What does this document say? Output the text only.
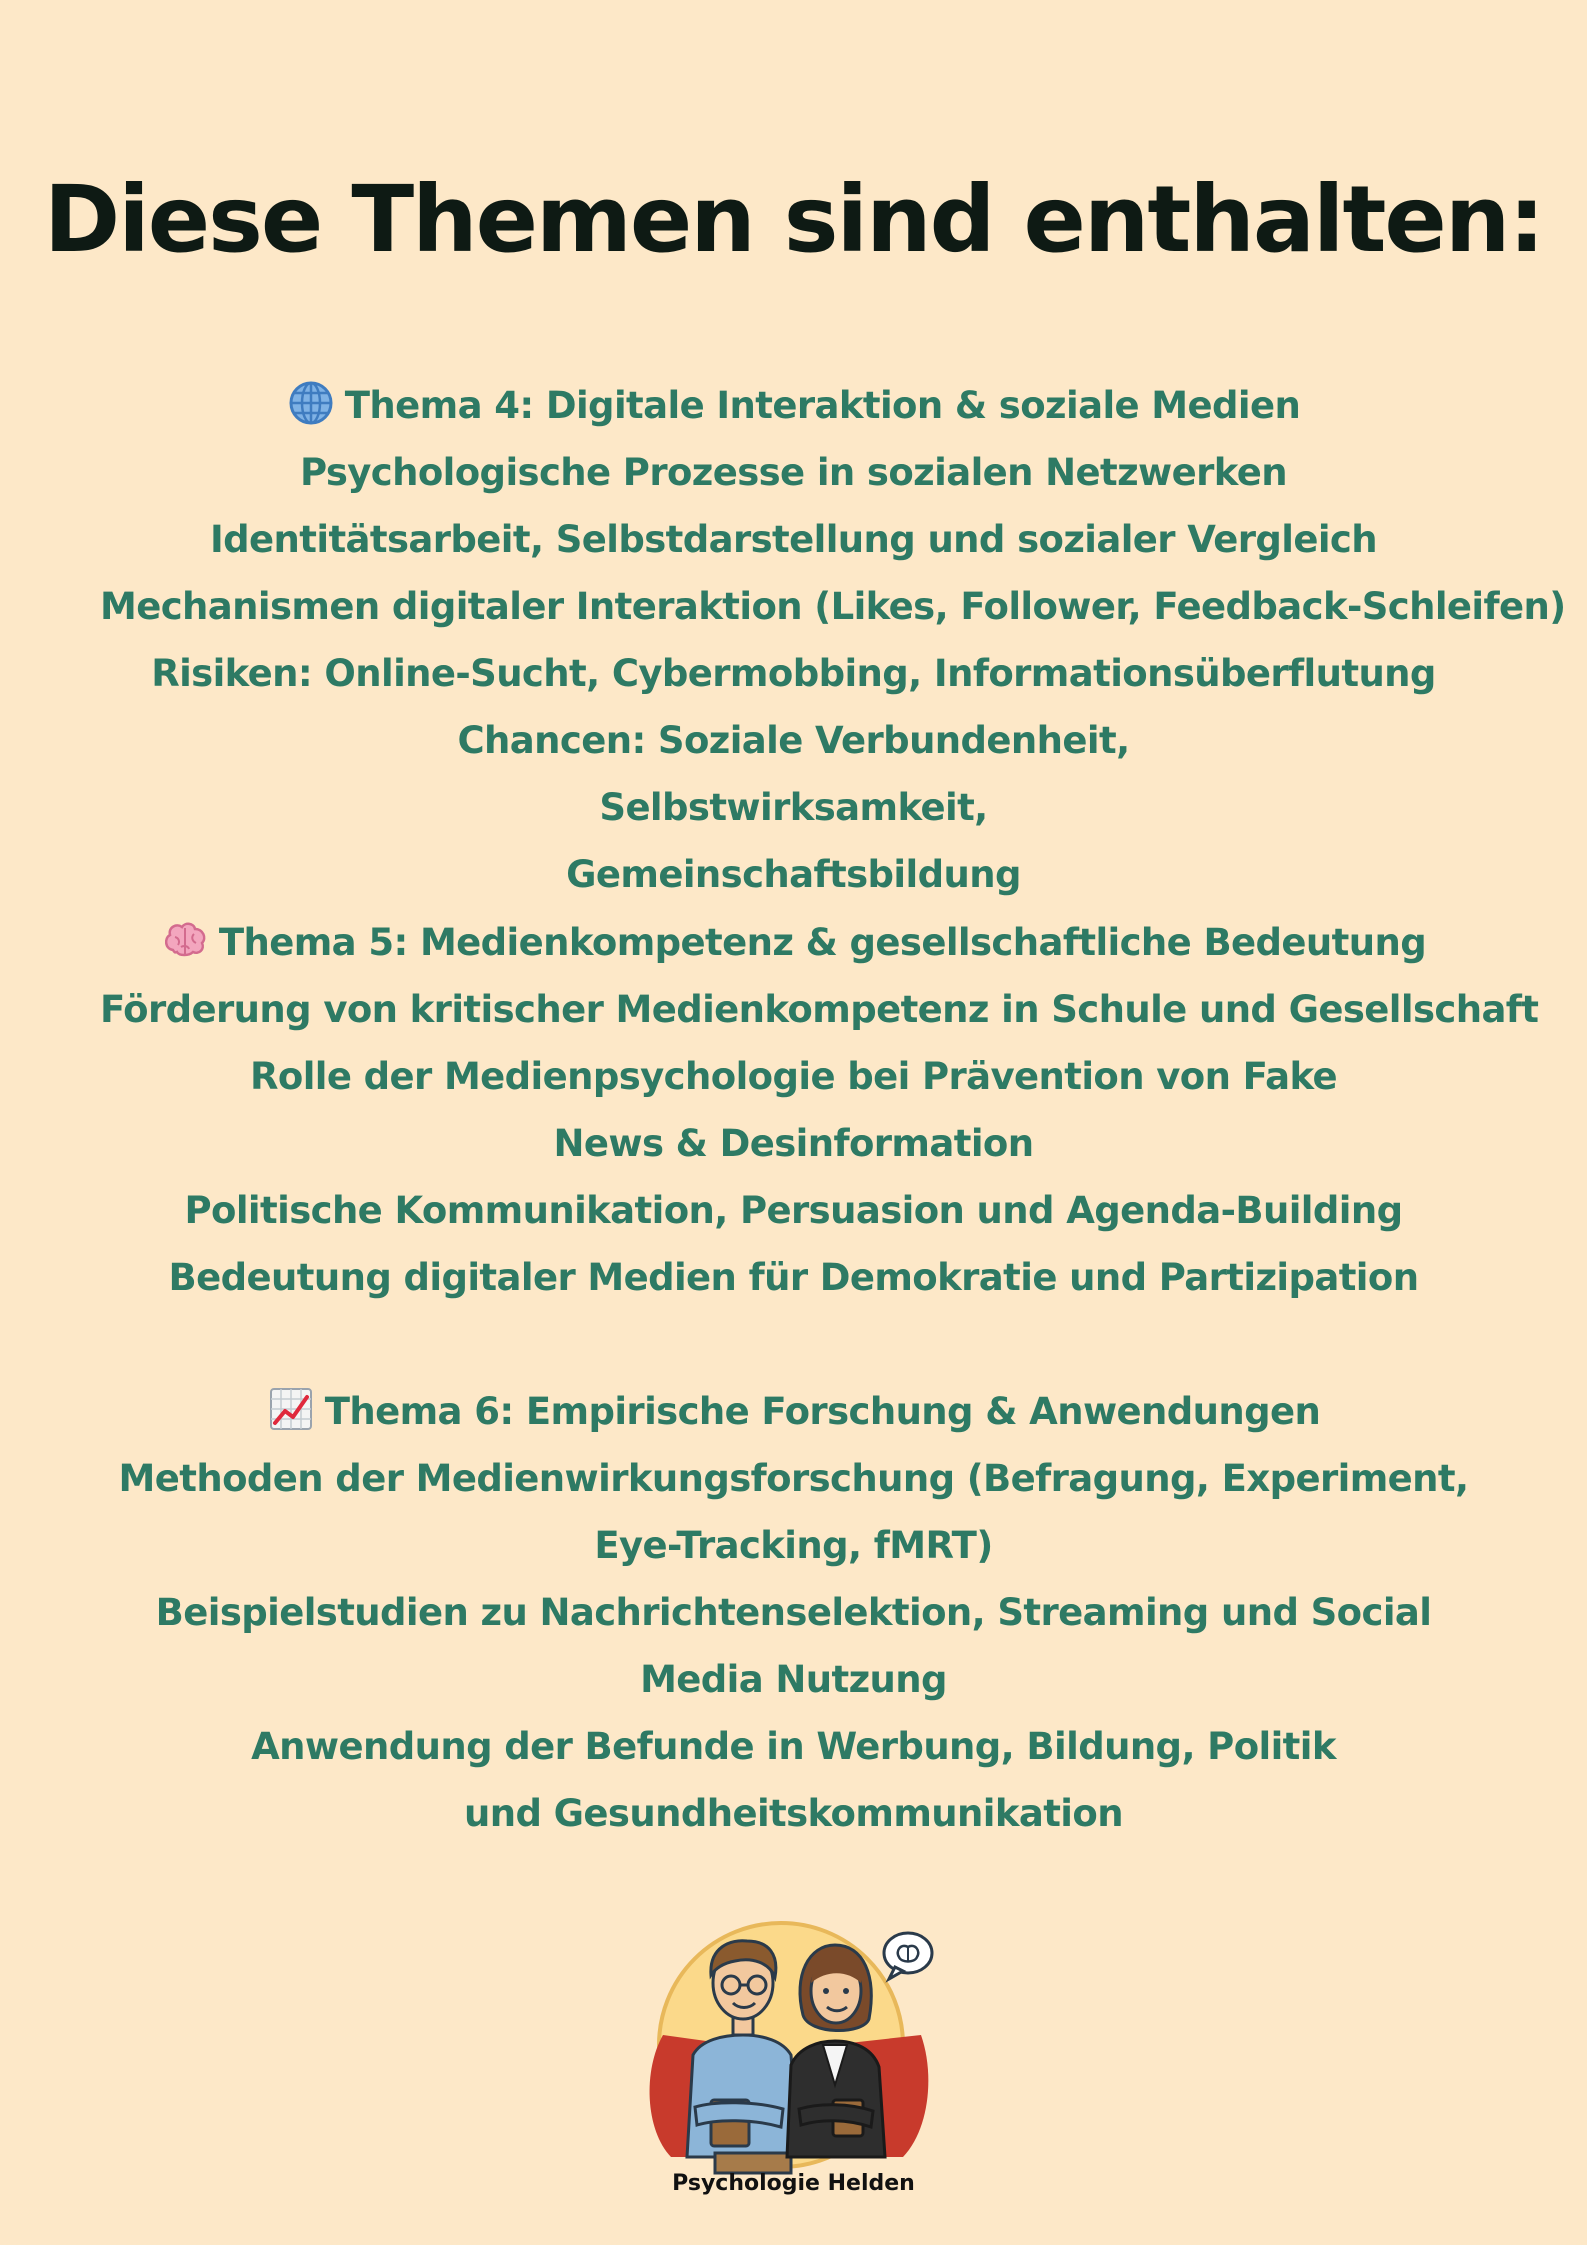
Diese Themen sind enthalten:
Thema 4: Digitale Interaktion & soziale Medien
Psychologische Prozesse in sozialen Netzwerken
Identitätsarbeit, Selbstdarstellung und sozialer Vergleich
Mechanismen digitaler Interaktion (Likes, Follower, Feedback-Schleifen)
Risiken: Online-Sucht, Cybermobbing, Informationsüberflutung
Chancen: Soziale Verbundenheit, Selbstwirksamkeit, Gemeinschaftsbildung
Thema 5: Medienkompetenz & gesellschaftliche Bedeutung
Förderung von kritischer Medienkompetenz in Schule und Gesellschaft
Rolle der Medienpsychologie bei Prävention von Fake News & Desinformation
Politische Kommunikation, Persuasion und Agenda-Building
Bedeutung digitaler Medien für Demokratie und Partizipation
Thema 6: Empirische Forschung & Anwendungen
Methoden der Medienwirkungsforschung (Befragung, Experiment, Eye-Tracking, fMRT)
Beispielstudien zu Nachrichtenselektion, Streaming und Social Media Nutzung
Anwendung der Befunde in Werbung, Bildung, Politik und Gesundheitskommunikation
Psychologie Helden
